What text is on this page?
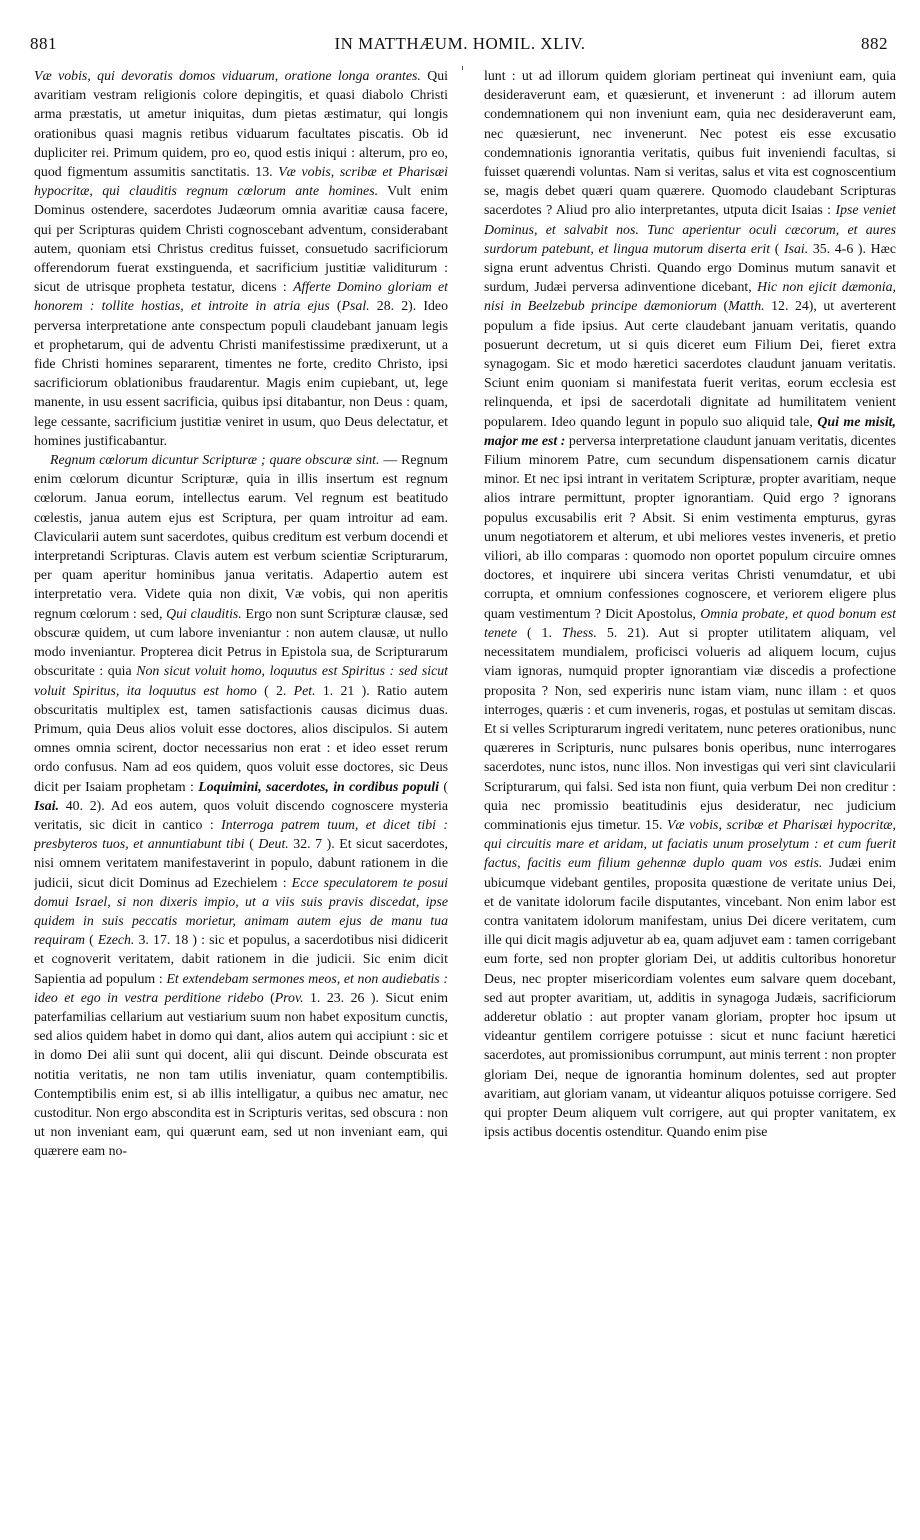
881	IN MATTHÆUM. HOMIL. XLIV.	882

Væ vobis, qui devoratis domos viduarum, oratione longa orantes. Qui avaritiam vestram religionis colore depingitis, et quasi diabolo Christi arma præstatis, ut ametur iniquitas, dum pietas æstimatur, qui longis orationibus quasi magnis retibus viduarum facultates piscatis. Ob id dupliciter rei. Primum quidem, pro eo, quod estis iniqui : alterum, pro eo, quod figmentum assumitis sanctitatis. 13. Væ vobis, scribæ et Pharisæi hypocritæ, qui clauditis regnum cœlorum ante homines. Vult enim Dominus ostendere, sacerdotes Judæorum omnia avaritiæ causa facere, qui per Scripturas quidem Christi cognoscebant adventum, considerabant autem, quoniam etsi Christus creditus fuisset, consuetudo sacrificiorum offerendorum fuerat exstinguenda, et sacrificium justitiæ validiturum : sicut de utrisque propheta testatur, dicens : Afferte Domino gloriam et honorem : tollite hostias, et introite in atria ejus (Psal. 28. 2). Ideo perversa interpretatione ante conspectum populi claudebant januam legis et prophetarum, qui de adventu Christi manifestissime prædixerunt, ut a fide Christi homines separarent, timentes ne forte, credito Christo, ipsi sacrificiorum oblationibus fraudarentur. Magis enim cupiebant, ut, lege manente, in usu essent sacrificia, quibus ipsi ditabantur, non Deus : quam, lege cessante, sacrificium justitiæ veniret in usum, quo Deus delectatur, et homines justificabantur.

Regnum cœlorum dicuntur Scripturæ ; quare obscuræ sint. — Regnum enim cœlorum dicuntur Scripturæ, quia in illis insertum est regnum cœlorum. Janua eorum, intellectus earum. Vel regnum est beatitudo cœlestis, janua autem ejus est Scriptura, per quam introitur ad eam. Clavicularii autem sunt sacerdotes, quibus creditum est verbum docendi et interpretandi Scripturas. Clavis autem est verbum scientiæ Scripturarum, per quam aperitur hominibus janua veritatis. Adapertio autem est interpretatio vera. Videte quia non dixit, Væ vobis, qui non aperitis regnum cœlorum : sed, Qui clauditis. Ergo non sunt Scripturæ clausæ, sed obscuræ quidem, ut cum labore inveniantur : non autem clausæ, ut nullo modo inveniantur. Propterea dicit Petrus in Epistola sua, de Scripturarum obscuritate : quia Non sicut voluit homo, loquutus est Spiritus : sed sicut voluit Spiritus, ita loquutus est homo ( 2. Pet. 1. 21 ). Ratio autem obscuritatis multiplex est, tamen satisfactionis causas dicimus duas. Primum, quia Deus alios voluit esse doctores, alios discipulos. Si autem omnes omnia scirent, doctor necessarius non erat : et ideo esset rerum ordo confusus. Nam ad eos quidem, quos voluit esse doctores, sic Deus dicit per Isaiam prophetam : Loquimini, sacerdotes, in cordibus populi ( Isai. 40. 2). Ad eos autem, quos voluit discendo cognoscere mysteria veritatis, sic dicit in cantico : Interroga patrem tuum, et dicet tibi : presbyteros tuos, et annuntiabunt tibi ( Deut. 32. 7 ). Et sicut sacerdotes, nisi omnem veritatem manifestaverint in populo, dabunt rationem in die judicii, sicut dicit Dominus ad Ezechielem : Ecce speculatorem te posui domui Israel, si non dixeris impio, ut a viis suis pravis discedat, ipse quidem in suis peccatis morietur, animam autem ejus de manu tua requiram ( Ezech. 3. 17. 18 ) : sic et populus, a sacerdotibus nisi didicerit et cognoverit veritatem, dabit rationem in die judicii. Sic enim dicit Sapientia ad populum : Et extendebam sermones meos, et non audiebatis : ideo et ego in vestra perditione ridebo (Prov. 1. 23. 26 ). Sicut enim paterfamilias cellarium aut vestiarium suum non habet expositum cunctis, sed alios quidem habet in domo qui dant, alios autem qui accipiunt : sic et in domo Dei alii sunt qui docent, alii qui discunt. Deinde obscurata est notitia veritatis, ne non tam utilis inveniatur, quam contemptibilis. Contemptibilis enim est, si ab illis intelligatur, a quibus nec amatur, nec custoditur. Non ergo abscondita est in Scripturis veritas, sed obscura : non ut non inveniant eam, qui quærunt eam, sed ut non inveniant eam, qui quærere eam no-

lunt : ut ad illorum quidem gloriam pertineat qui inveniunt eam, quia desideraverunt eam, et quæsierunt, et invenerunt : ad illorum autem condemnationem qui non inveniunt eam, quia nec desideraverunt eam, nec quæsierunt, nec invenerunt. Nec potest eis esse excusatio condemnationis ignorantia veritatis, quibus fuit inveniendi facultas, si fuisset quærendi voluntas. Nam si veritas, salus et vita est cognoscentium se, magis debet quæri quam quærere. Quomodo claudebant Scripturas sacerdotes ? Aliud pro alio interpretantes, utputa dicit Isaias : Ipse veniet Dominus, et salvabit nos. Tunc aperientur oculi cæcorum, et aures surdorum patebunt, et lingua mutorum diserta erit ( Isai. 35. 4-6 ). Hæc signa erunt adventus Christi. Quando ergo Dominus mutum sanavit et surdum, Judæi perversa adinventione dicebant, Hic non ejicit dæmonia, nisi in Beelzebub principe dæmoniorum (Matth. 12. 24), ut averterent populum a fide ipsius. Aut certe claudebant januam veritatis, quando posuerunt decretum, ut si quis diceret eum Filium Dei, fieret extra synagogam. Sic et modo hæretici sacerdotes claudunt januam veritatis. Sciunt enim quoniam si manifestata fuerit veritas, eorum ecclesia est relinquenda, et ipsi de sacerdotali dignitate ad humilitatem venient popularem. Ideo quando legunt in populo suo aliquid tale, Qui me misit, major me est : perversa interpretatione claudunt januam veritatis, dicentes Filium minorem Patre, cum secundum dispensationem carnis dicatur minor. Et nec ipsi intrant in veritatem Scripturæ, propter avaritiam, neque alios intrare permittunt, propter ignorantiam. Quid ergo ? ignorans populus excusabilis erit ? Absit. Si enim vestimenta empturus, gyras unum negotiatorem et alterum, et ubi meliores vestes inveneris, et pretio viliori, ab illo comparas : quomodo non oportet populum circuire omnes doctores, et inquirere ubi sincera veritas Christi venumdatur, et ubi corrupta, et omnium confessiones cognoscere, et veriorem eligere plus quam vestimentum ? Dicit Apostolus, Omnia probate, et quod bonum est tenete ( 1. Thess. 5. 21). Aut si propter utilitatem aliquam, vel necessitatem mundialem, proficisci volueris ad aliquem locum, cujus viam ignoras, numquid propter ignorantiam viæ discedis a profectione proposita ? Non, sed experiris nunc istam viam, nunc illam : et quos interroges, quæris : et cum inveneris, rogas, et postulas ut semitam discas. Et si velles Scripturarum ingredi veritatem, nunc peteres orationibus, nunc quæreres in Scripturis, nunc pulsares bonis operibus, nunc interrogares sacerdotes, nunc istos, nunc illos. Non investigas qui veri sint clavicularii Scripturarum, qui falsi. Sed ista non fiunt, quia verbum Dei non creditur : quia nec promissio beatitudinis ejus desideratur, nec judicium comminationis ejus timetur. 15. Væ vobis, scribæ et Pharisæi hypocritæ, qui circuitis mare et aridam, ut faciatis unum proselytum : et cum fuerit factus, facitis eum filium gehennæ duplo quam vos estis. Judæi enim ubicumque videbant gentiles, proposita quæstione de veritate unius Dei, et de vanitate idolorum facile disputantes, vincebant. Non enim labor est contra vanitatem idolorum manifestam, unius Dei dicere veritatem, cum ille qui dicit magis adjuvetur ab ea, quam adjuvet eam : tamen corrigebant eum forte, sed non propter gloriam Dei, ut additis cultoribus honoretur Deus, nec propter misericordiam volentes eum salvare quem docebant, sed aut propter avaritiam, ut, additis in synagoga Judæis, sacrificiorum adderetur oblatio : aut propter vanam gloriam, propter hoc ipsum ut videantur gentilem corrigere potuisse : sicut et nunc faciunt hæretici sacerdotes, aut promissionibus corrumpunt, aut minis terrent : non propter gloriam Dei, neque de ignorantia hominum dolentes, sed aut propter avaritiam, aut gloriam vanam, ut videantur aliquos potuisse corrigere. Sed qui propter Deum aliquem vult corrigere, aut qui propter vanitatem, ex ipsis actibus docentis ostenditur. Quando enim pise
